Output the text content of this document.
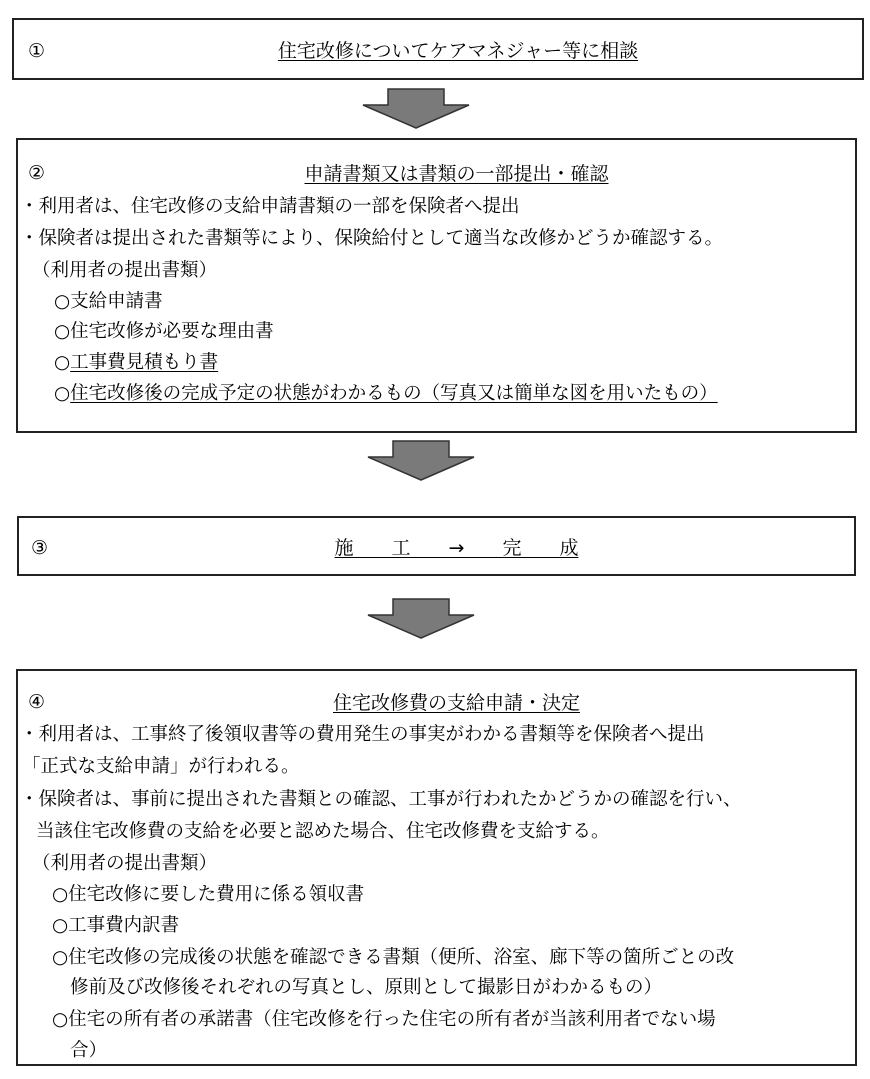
①	住宅改修についてケアマネジャー等に相談
②	申請書類又は書類の一部提出・確認
・利用者は、住宅改修の支給申請書類の一部を保険者へ提出
・保険者は提出された書類等により、保険給付として適当な改修かどうか確認する。
（利用者の提出書類）
○支給申請書
○住宅改修が必要な理由書
○工事費見積もり書
○住宅改修後の完成予定の状態がわかるもの（写真又は簡単な図を用いたもの）
③	施　　工　　→　　完　　成
④	住宅改修費の支給申請・決定
・利用者は、工事終了後領収書等の費用発生の事実がわかる書類等を保険者へ提出
「正式な支給申請」が行われる。
・保険者は、事前に提出された書類との確認、工事が行われたかどうかの確認を行い、
当該住宅改修費の支給を必要と認めた場合、住宅改修費を支給する。
（利用者の提出書類）
○住宅改修に要した費用に係る領収書
○工事費内訳書
○住宅改修の完成後の状態を確認できる書類（便所、浴室、廊下等の箇所ごとの改
修前及び改修後それぞれの写真とし、原則として撮影日がわかるもの）
○住宅の所有者の承諾書（住宅改修を行った住宅の所有者が当該利用者でない場
合）
